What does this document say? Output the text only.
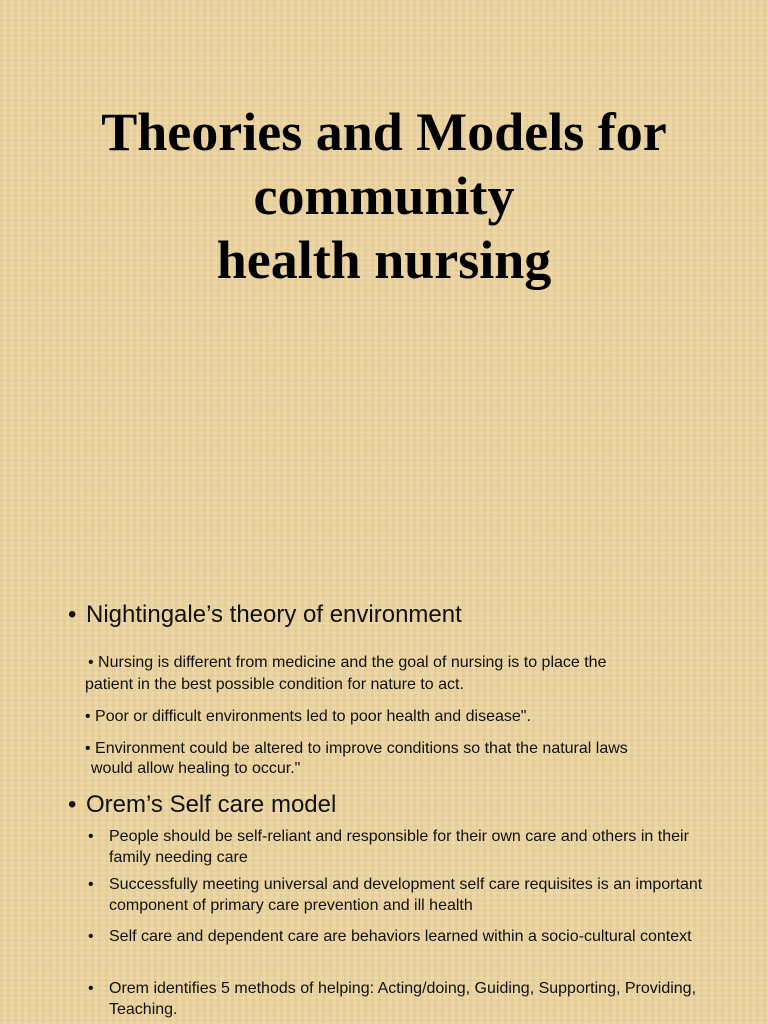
Theories and Models for
community
health nursing
• Nightingale’s theory of environment
• Nursing is different from medicine and the goal of nursing is to place the
patient in the best possible condition for nature to act.
• Poor or difficult environments led to poor health and disease".
• Environment could be altered to improve conditions so that the natural laws
would allow healing to occur."
• Orem’s Self care model
• People should be self-reliant and responsible for their own care and others in their family needing care
• Successfully meeting universal and development self care requisites is an important component of primary care prevention and ill health
• Self care and dependent care are behaviors learned within a socio-cultural context
• Orem identifies 5 methods of helping: Acting/doing, Guiding, Supporting, Providing, Teaching.
